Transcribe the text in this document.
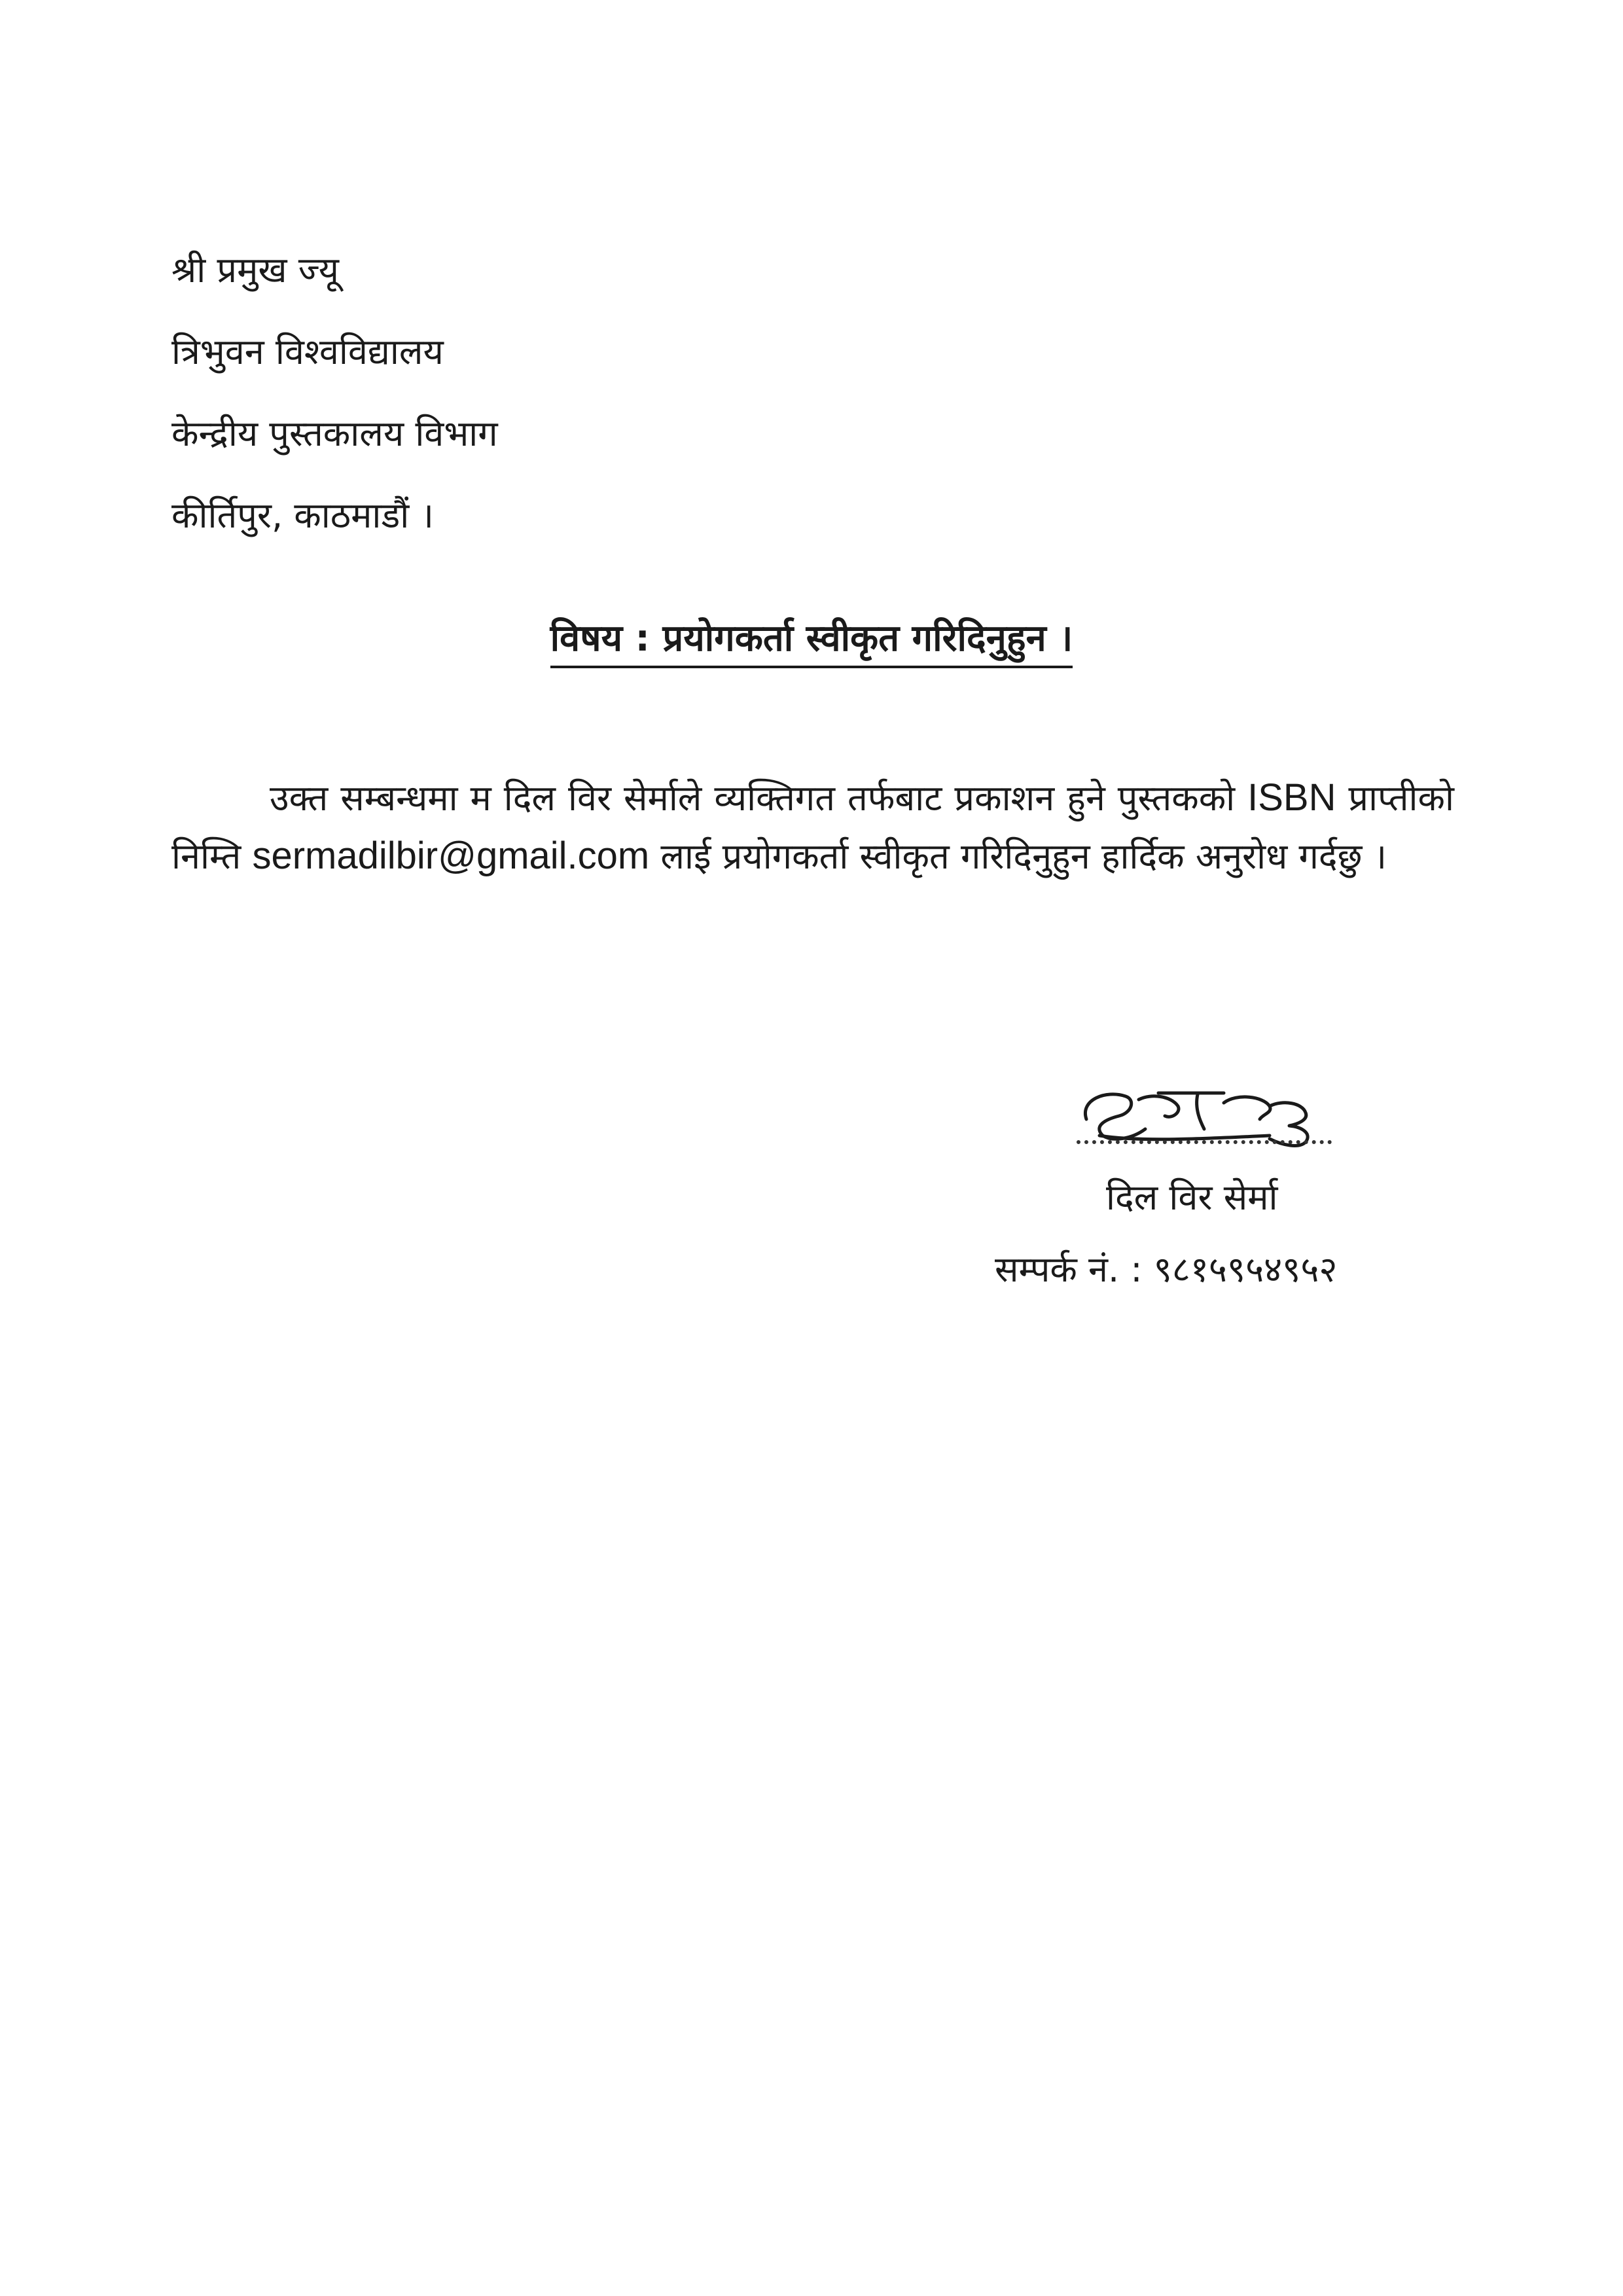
श्री प्रमुख ज्यू
त्रिभुवन विश्वविद्यालय
केन्द्रीय पुस्तकालय विभाग
कीर्तिपुर, काठमाडौं ।
विषय : प्रयोगकर्ता स्वीकृत गरिदिनुहुन ।
उक्त सम्बन्धमा म दिल विर सेर्माले व्यक्तिगत तर्फबाट प्रकाशन हुने पुस्तकको ISBN प्राप्तीको निम्ति sermadilbir@gmail.com लाई प्रयोगकर्ता स्वीकृत गरिदिनुहुन हार्दिक अनुरोध गर्दछु ।
दिल विर सेर्मा
सम्पर्क नं. : ९८१५९५४९५२
